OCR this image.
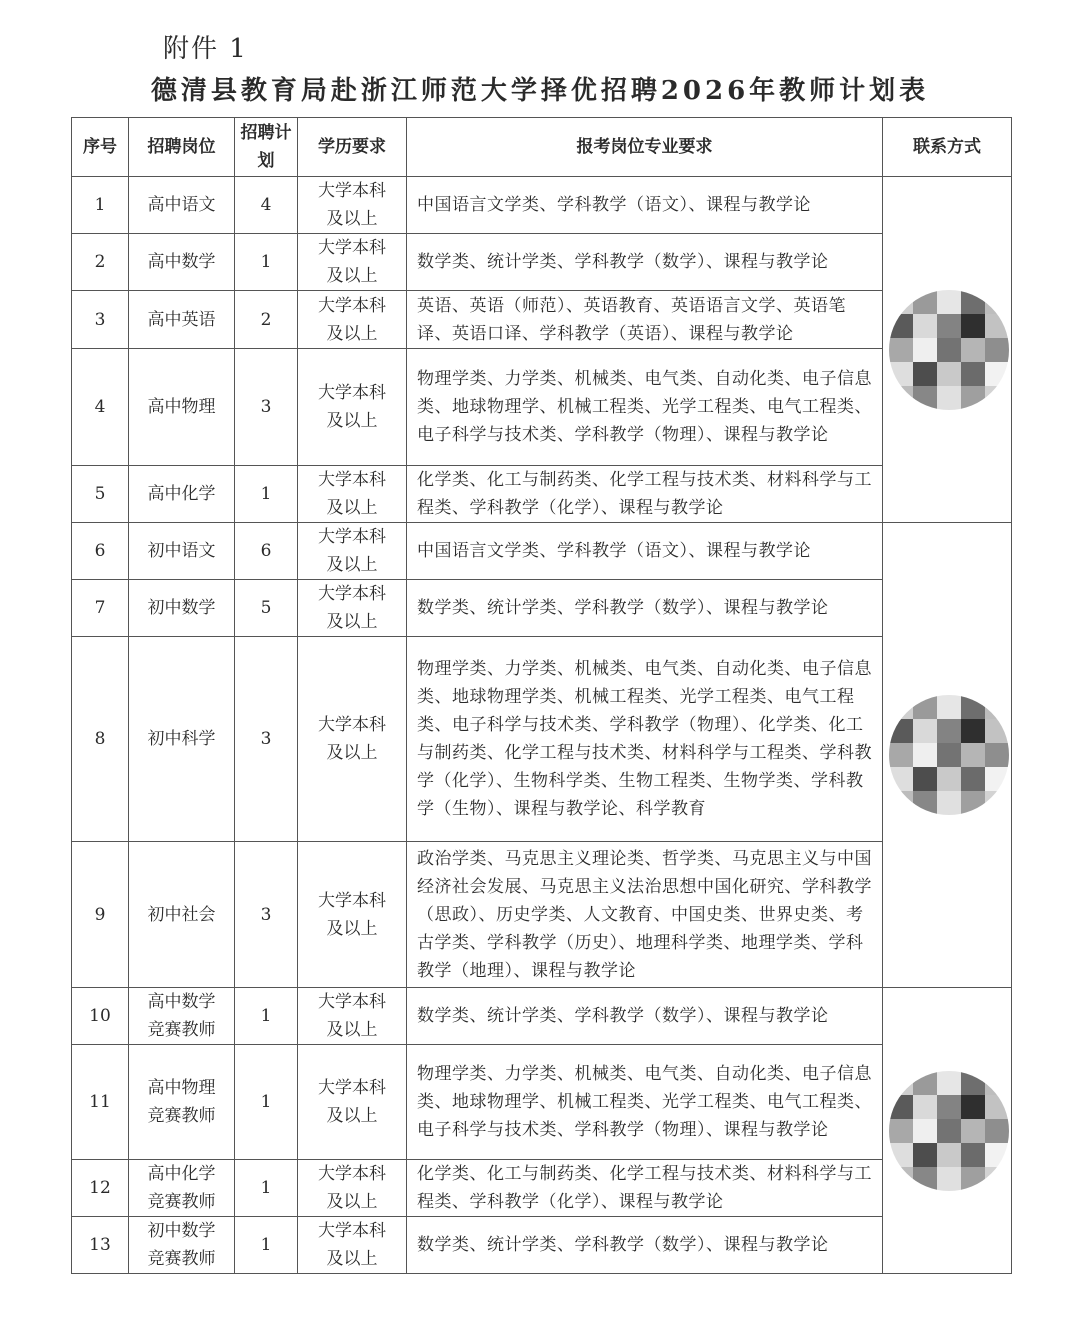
附件 1
德清县教育局赴浙江师范大学择优招聘2026年教师计划表
序号	招聘岗位	招聘计划	学历要求	报考岗位专业要求	联系方式
1	高中语文	4	大学本科及以上	中国语言文学类、学科教学（语文）、课程与教学论	

2	高中数学	1	大学本科及以上	数学类、统计学类、学科教学（数学）、课程与教学论	
3	高中英语	2	大学本科及以上	英语、英语（师范）、英语教育、英语语言文学、英语笔译、英语口译、学科教学（英语）、课程与教学论	
4	高中物理	3	大学本科及以上	物理学类、力学类、机械类、电气类、自动化类、电子信息类、地球物理学、机械工程类、光学工程类、电气工程类、电子科学与技术类、学科教学（物理）、课程与教学论	
5	高中化学	1	大学本科及以上	化学类、化工与制药类、化学工程与技术类、材料科学与工程类、学科教学（化学）、课程与教学论	
6	初中语文	6	大学本科及以上	中国语言文学类、学科教学（语文）、课程与教学论	

7	初中数学	5	大学本科及以上	数学类、统计学类、学科教学（数学）、课程与教学论	
8	初中科学	3	大学本科及以上	物理学类、力学类、机械类、电气类、自动化类、电子信息类、地球物理学类、机械工程类、光学工程类、电气工程类、电子科学与技术类、学科教学（物理）、化学类、化工与制药类、化学工程与技术类、材料科学与工程类、学科教学（化学）、生物科学类、生物工程类、生物学类、学科教学（生物）、课程与教学论、科学教育	
9	初中社会	3	大学本科及以上	政治学类、马克思主义理论类、哲学类、马克思主义与中国经济社会发展、马克思主义法治思想中国化研究、学科教学（思政）、历史学类、人文教育、中国史类、世界史类、考古学类、学科教学（历史）、地理科学类、地理学类、学科教学（地理）、课程与教学论	
10	高中数学竞赛教师	1	大学本科及以上	数学类、统计学类、学科教学（数学）、课程与教学论	

11	高中物理竞赛教师	1	大学本科及以上	物理学类、力学类、机械类、电气类、自动化类、电子信息类、地球物理学、机械工程类、光学工程类、电气工程类、电子科学与技术类、学科教学（物理）、课程与教学论	
12	高中化学竞赛教师	1	大学本科及以上	化学类、化工与制药类、化学工程与技术类、材料科学与工程类、学科教学（化学）、课程与教学论	
13	初中数学竞赛教师	1	大学本科及以上	数学类、统计学类、学科教学（数学）、课程与教学论	
